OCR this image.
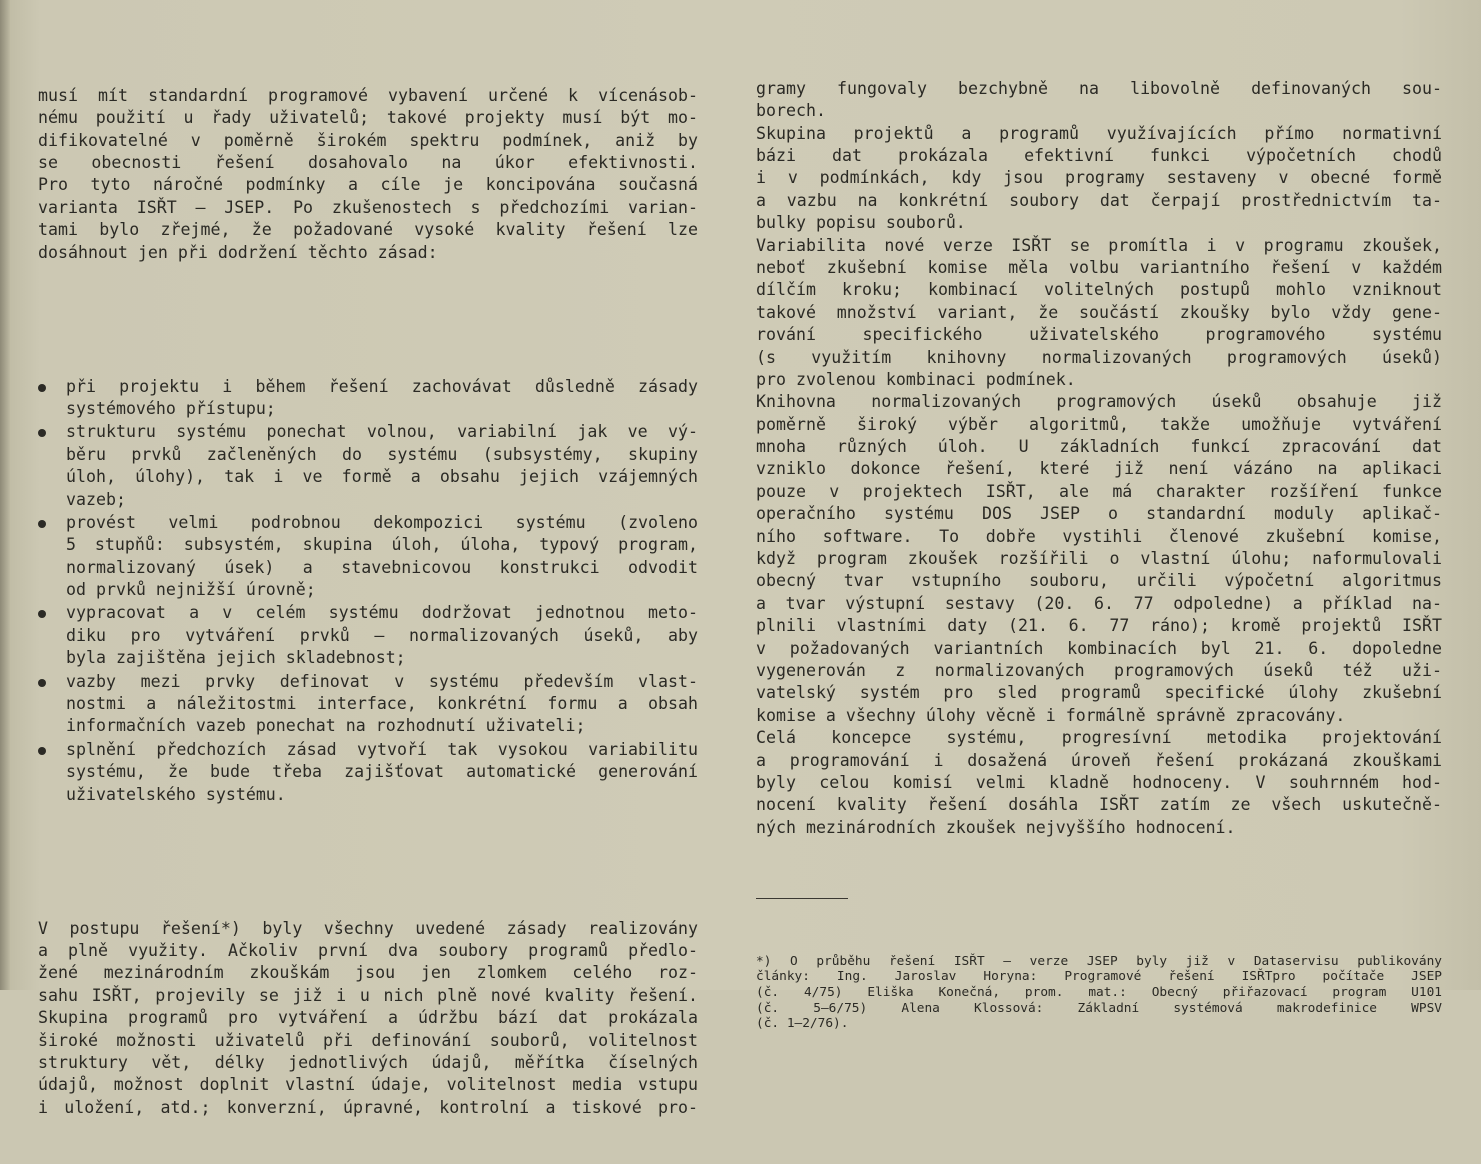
musí mít standardní programové vybavení určené k vícenásob-
nému použití u řady uživatelů; takové projekty musí být mo-
difikovatelné v poměrně širokém spektru podmínek, aniž by
se obecnosti řešení dosahovalo na úkor efektivnosti.
Pro tyto náročné podmínky a cíle je koncipována současná
varianta ISŘT — JSEP. Po zkušenostech s předchozími varian-
tami bylo zřejmé, že požadované vysoké kvality řešení lze
dosáhnout jen při dodržení těchto zásad:

při projektu i během řešení zachovávat důsledně zásady
systémového přístupu;
strukturu systému ponechat volnou, variabilní jak ve vý-
běru prvků začleněných do systému (subsystémy, skupiny
úloh, úlohy), tak i ve formě a obsahu jejich vzájemných
vazeb;
provést velmi podrobnou dekompozici systému (zvoleno
5 stupňů: subsystém, skupina úloh, úloha, typový program,
normalizovaný úsek) a stavebnicovou konstrukci odvodit
od prvků nejnižší úrovně;
vypracovat a v celém systému dodržovat jednotnou meto-
diku pro vytváření prvků — normalizovaných úseků, aby
byla zajištěna jejich skladebnost;
vazby mezi prvky definovat v systému především vlast-
nostmi a náležitostmi interface, konkrétní formu a obsah
informačních vazeb ponechat na rozhodnutí uživateli;
splnění předchozích zásad vytvoří tak vysokou variabilitu
systému, že bude třeba zajišťovat automatické generování
uživatelského systému.

V postupu řešení*) byly všechny uvedené zásady realizovány
a plně využity. Ačkoliv první dva soubory programů předlo-
žené mezinárodním zkouškám jsou jen zlomkem celého roz-
sahu ISŘT, projevily se již i u nich plně nové kvality řešení.
Skupina programů pro vytváření a údržbu bází dat prokázala
široké možnosti uživatelů při definování souborů, volitelnost
struktury vět, délky jednotlivých údajů, měřítka číselných
údajů, možnost doplnit vlastní údaje, volitelnost media vstupu
i uložení, atd.; konverzní, úpravné, kontrolní a tiskové pro-

gramy fungovaly bezchybně na libovolně definovaných sou-
borech.
Skupina projektů a programů využívajících přímo normativní
bázi dat prokázala efektivní funkci výpočetních chodů
i v podmínkách, kdy jsou programy sestaveny v obecné formě
a vazbu na konkrétní soubory dat čerpají prostřednictvím ta-
bulky popisu souborů.
Variabilita nové verze ISŘT se promítla i v programu zkoušek,
neboť zkušební komise měla volbu variantního řešení v každém
dílčím kroku; kombinací volitelných postupů mohlo vzniknout
takové množství variant, že součástí zkoušky bylo vždy gene-
rování specifického uživatelského programového systému
(s využitím knihovny normalizovaných programových úseků)
pro zvolenou kombinaci podmínek.
Knihovna normalizovaných programových úseků obsahuje již
poměrně široký výběr algoritmů, takže umožňuje vytváření
mnoha různých úloh. U základních funkcí zpracování dat
vzniklo dokonce řešení, které již není vázáno na aplikaci
pouze v projektech ISŘT, ale má charakter rozšíření funkce
operačního systému DOS JSEP o standardní moduly aplikač-
ního software. To dobře vystihli členové zkušební komise,
když program zkoušek rozšířili o vlastní úlohu; naformulovali
obecný tvar vstupního souboru, určili výpočetní algoritmus
a tvar výstupní sestavy (20. 6. 77 odpoledne) a příklad na-
plnili vlastními daty (21. 6. 77 ráno); kromě projektů ISŘT
v požadovaných variantních kombinacích byl 21. 6. dopoledne
vygenerován z normalizovaných programových úseků též uži-
vatelský systém pro sled programů specifické úlohy zkušební
komise a všechny úlohy věcně i formálně správně zpracovány.
Celá koncepce systému, progresívní metodika projektování
a programování i dosažená úroveň řešení prokázaná zkouškami
byly celou komisí velmi kladně hodnoceny. V souhrnném hod-
nocení kvality řešení dosáhla ISŘT zatím ze všech uskutečně-
ných mezinárodních zkoušek nejvyššího hodnocení.

*) O průběhu řešení ISŘT — verze JSEP byly již v Dataservisu publikovány
články: Ing. Jaroslav Horyna: Programové řešení ISŘTpro počítače JSEP
(č. 4/75) Eliška Konečná, prom. mat.: Obecný přiřazovací program U101
(č. 5—6/75) Alena Klossová: Základní systémová makrodefinice WPSV
(č. 1—2/76).
